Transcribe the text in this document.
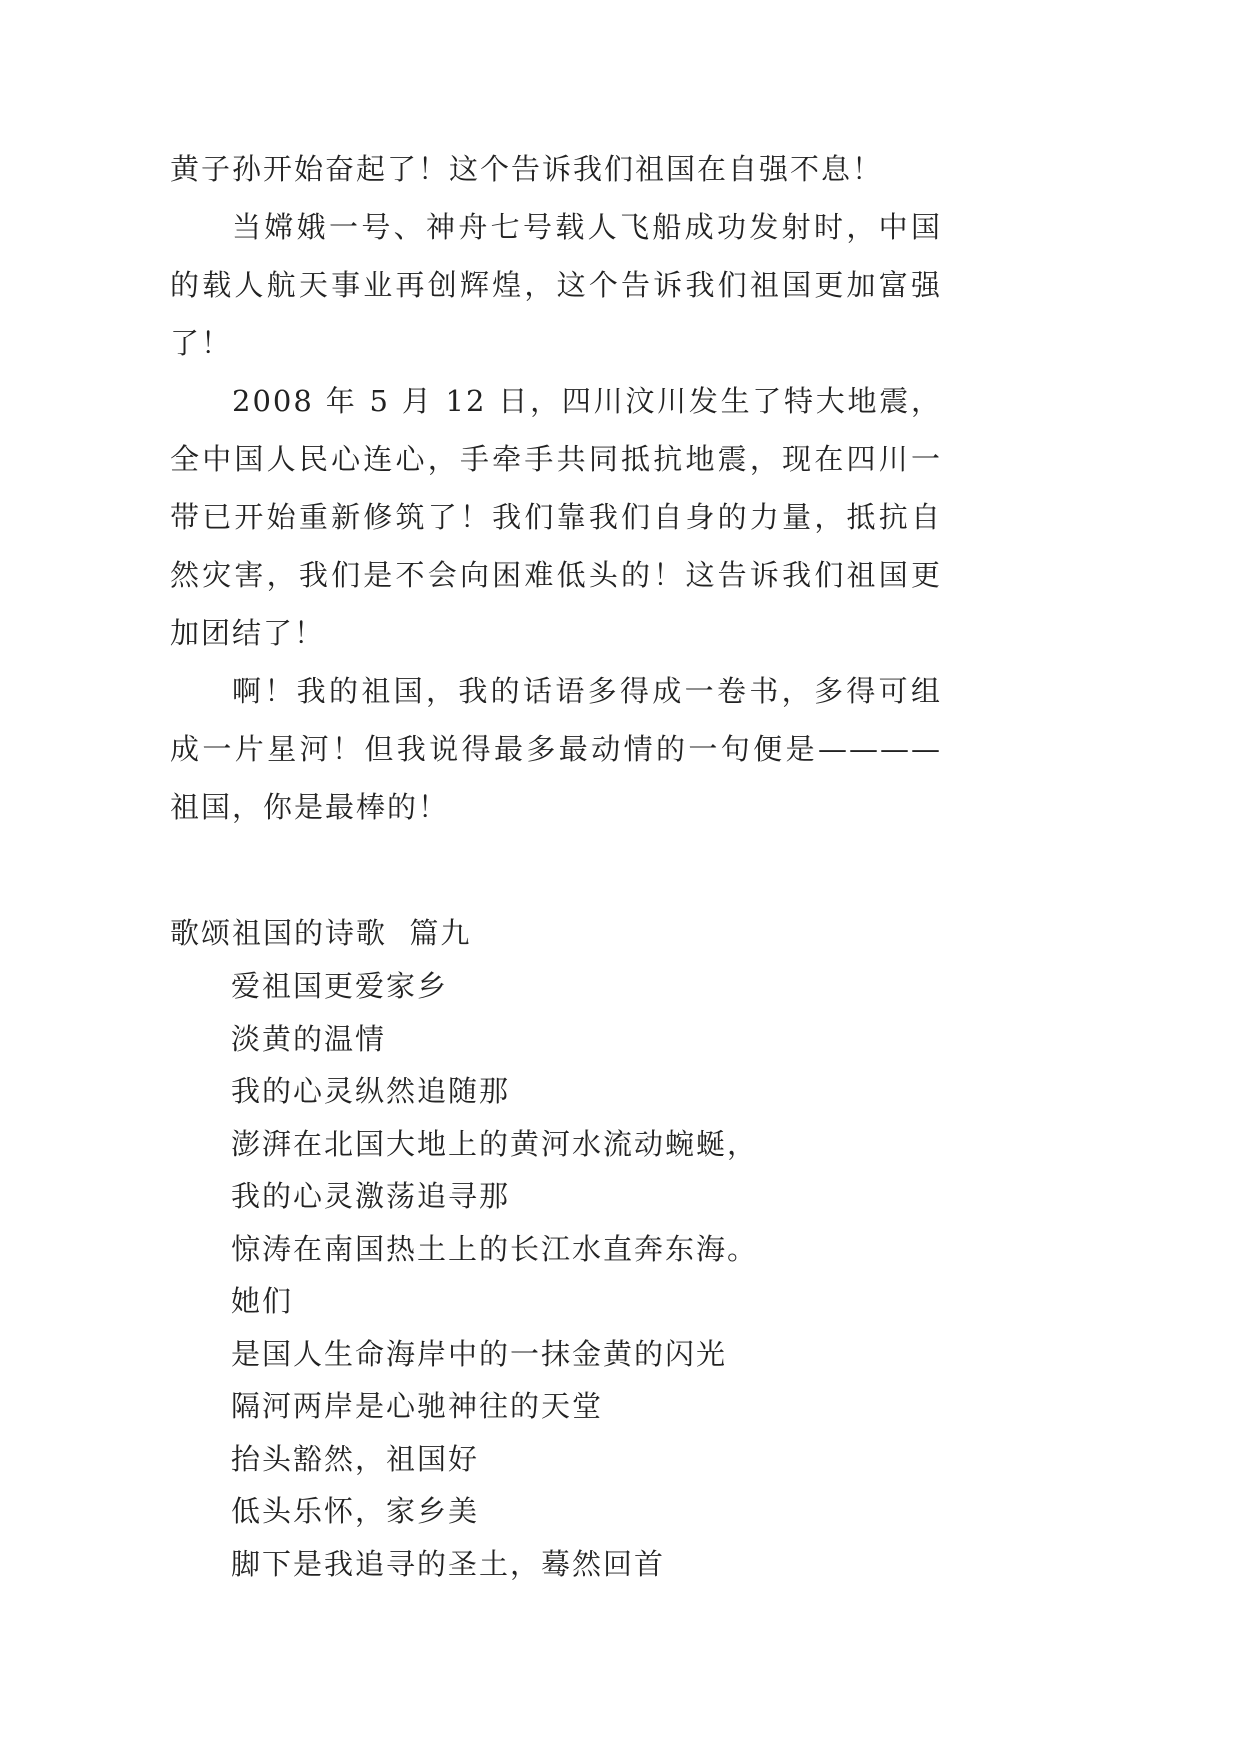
黄子孙开始奋起了！这个告诉我们祖国在自强不息！

当嫦娥一号、神舟七号载人飞船成功发射时，中国的载人航天事业再创辉煌，这个告诉我们祖国更加富强了！

2008 年 5 月 12 日，四川汶川发生了特大地震，全中国人民心连心，手牵手共同抵抗地震，现在四川一带已开始重新修筑了！我们靠我们自身的力量，抵抗自然灾害，我们是不会向困难低头的！这告诉我们祖国更加团结了！

啊！我的祖国，我的话语多得成一卷书，多得可组成一片星河！但我说得最多最动情的一句便是————祖国，你是最棒的！

歌颂祖国的诗歌  篇九

爱祖国更爱家乡

淡黄的温情

我的心灵纵然追随那

澎湃在北国大地上的黄河水流动蜿蜒，

我的心灵激荡追寻那

惊涛在南国热土上的长江水直奔东海。

她们

是国人生命海岸中的一抹金黄的闪光

隔河两岸是心驰神往的天堂

抬头豁然，祖国好

低头乐怀，家乡美

脚下是我追寻的圣土，蓦然回首
